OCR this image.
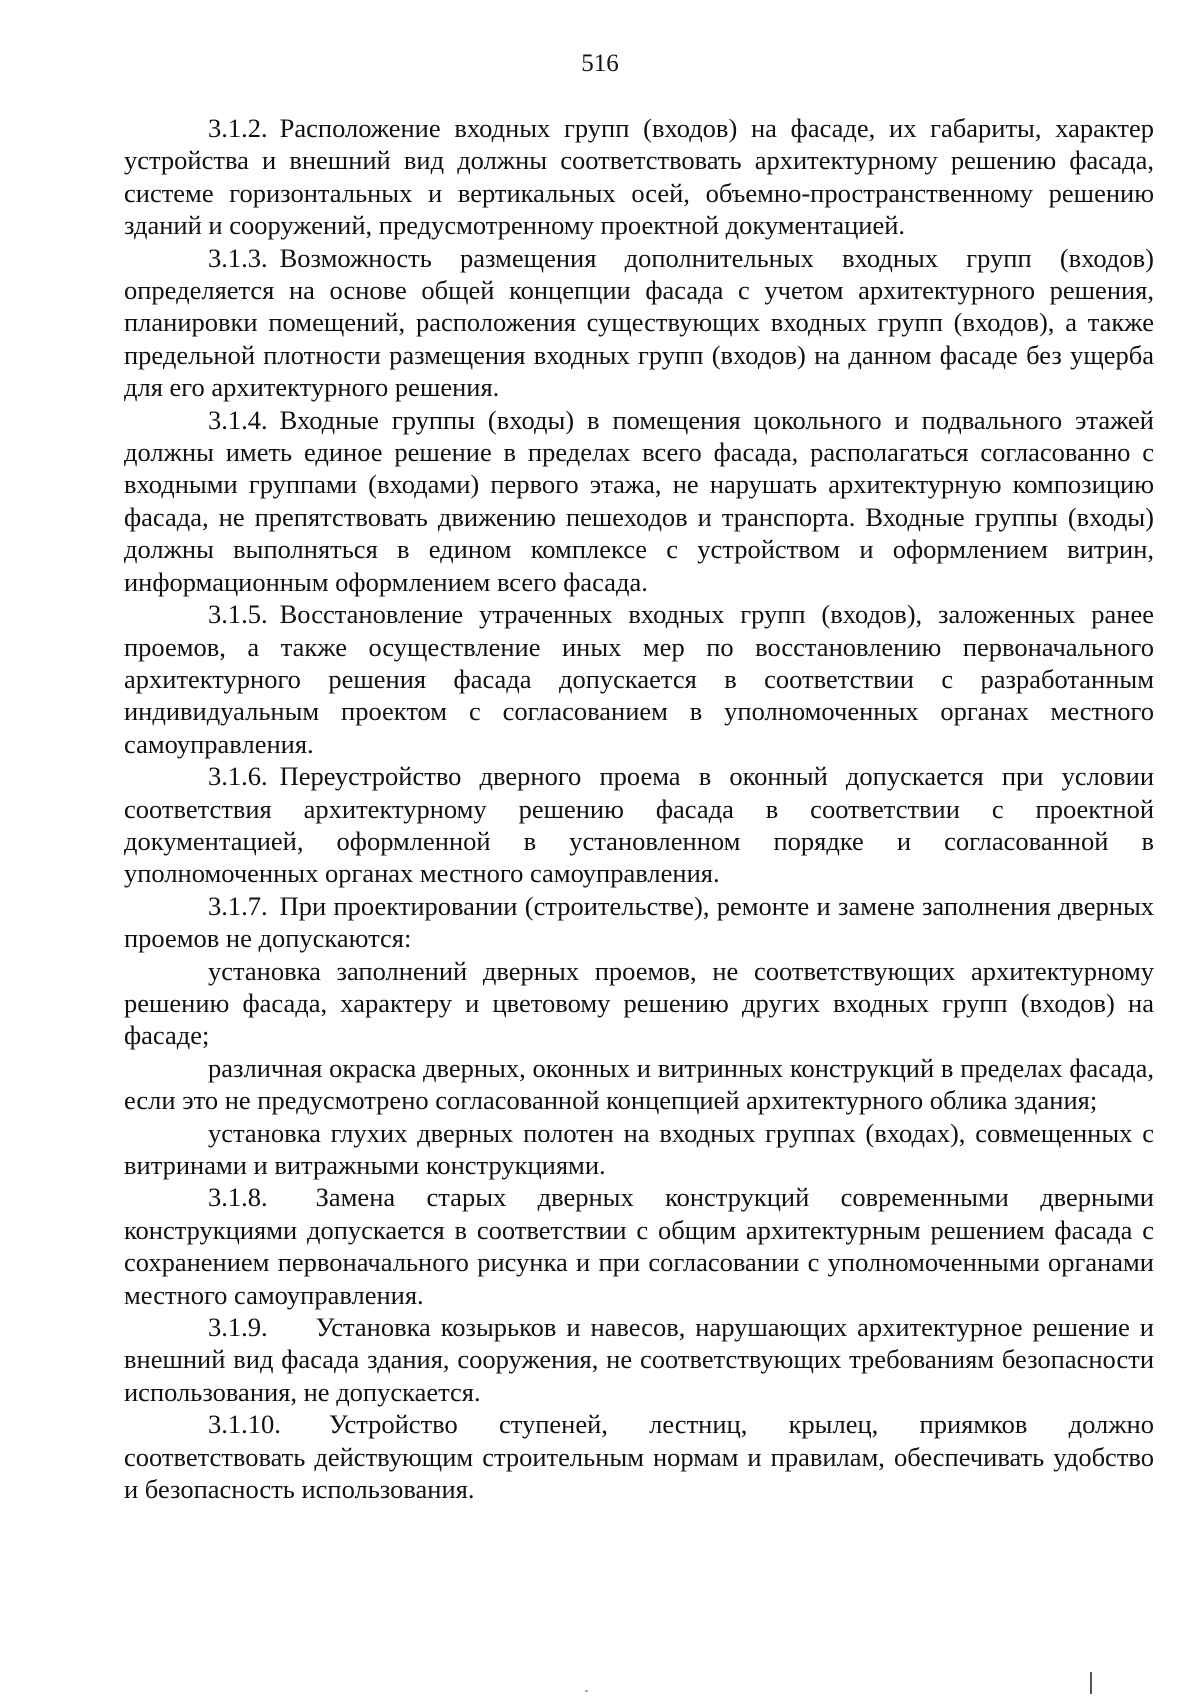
516

3.1.2. Расположение входных групп (входов) на фасаде, их габариты, характер устройства и внешний вид должны соответствовать архитектурному решению фасада, системе горизонтальных и вертикальных осей, объемно-пространственному решению зданий и сооружений, предусмотренному проектной документацией.

3.1.3. Возможность размещения дополнительных входных групп (входов) определяется на основе общей концепции фасада с учетом архитектурного решения, планировки помещений, расположения существующих входных групп (входов), а также предельной плотности размещения входных групп (входов) на данном фасаде без ущерба для его архитектурного решения.

3.1.4. Входные группы (входы) в помещения цокольного и подвального этажей должны иметь единое решение в пределах всего фасада, располагаться согласованно с входными группами (входами) первого этажа, не нарушать архитектурную композицию фасада, не препятствовать движению пешеходов и транспорта. Входные группы (входы) должны выполняться в едином комплексе с устройством и оформлением витрин, информационным оформлением всего фасада.

3.1.5. Восстановление утраченных входных групп (входов), заложенных ранее проемов, а также осуществление иных мер по восстановлению первоначального архитектурного решения фасада допускается в соответствии с разработанным индивидуальным проектом с согласованием в уполномоченных органах местного самоуправления.

3.1.6. Переустройство дверного проема в оконный допускается при условии соответствия архитектурному решению фасада в соответствии с проектной документацией, оформленной в установленном порядке и согласованной в уполномоченных органах местного самоуправления.

3.1.7. При проектировании (строительстве), ремонте и замене заполнения дверных проемов не допускаются:

установка заполнений дверных проемов, не соответствующих архитектурному решению фасада, характеру и цветовому решению других входных групп (входов) на фасаде;

различная окраска дверных, оконных и витринных конструкций в пределах фасада, если это не предусмотрено согласованной концепцией архитектурного облика здания;

установка глухих дверных полотен на входных группах (входах), совмещенных с витринами и витражными конструкциями.

3.1.8. Замена старых дверных конструкций современными дверными конструкциями допускается в соответствии с общим архитектурным решением фасада с сохранением первоначального рисунка и при согласовании с уполномоченными органами местного самоуправления.

3.1.9. Установка козырьков и навесов, нарушающих архитектурное решение и внешний вид фасада здания, сооружения, не соответствующих требованиям безопасности использования, не допускается.

3.1.10. Устройство ступеней, лестниц, крылец, приямков должно соответствовать действующим строительным нормам и правилам, обеспечивать удобство и безопасность использования.
